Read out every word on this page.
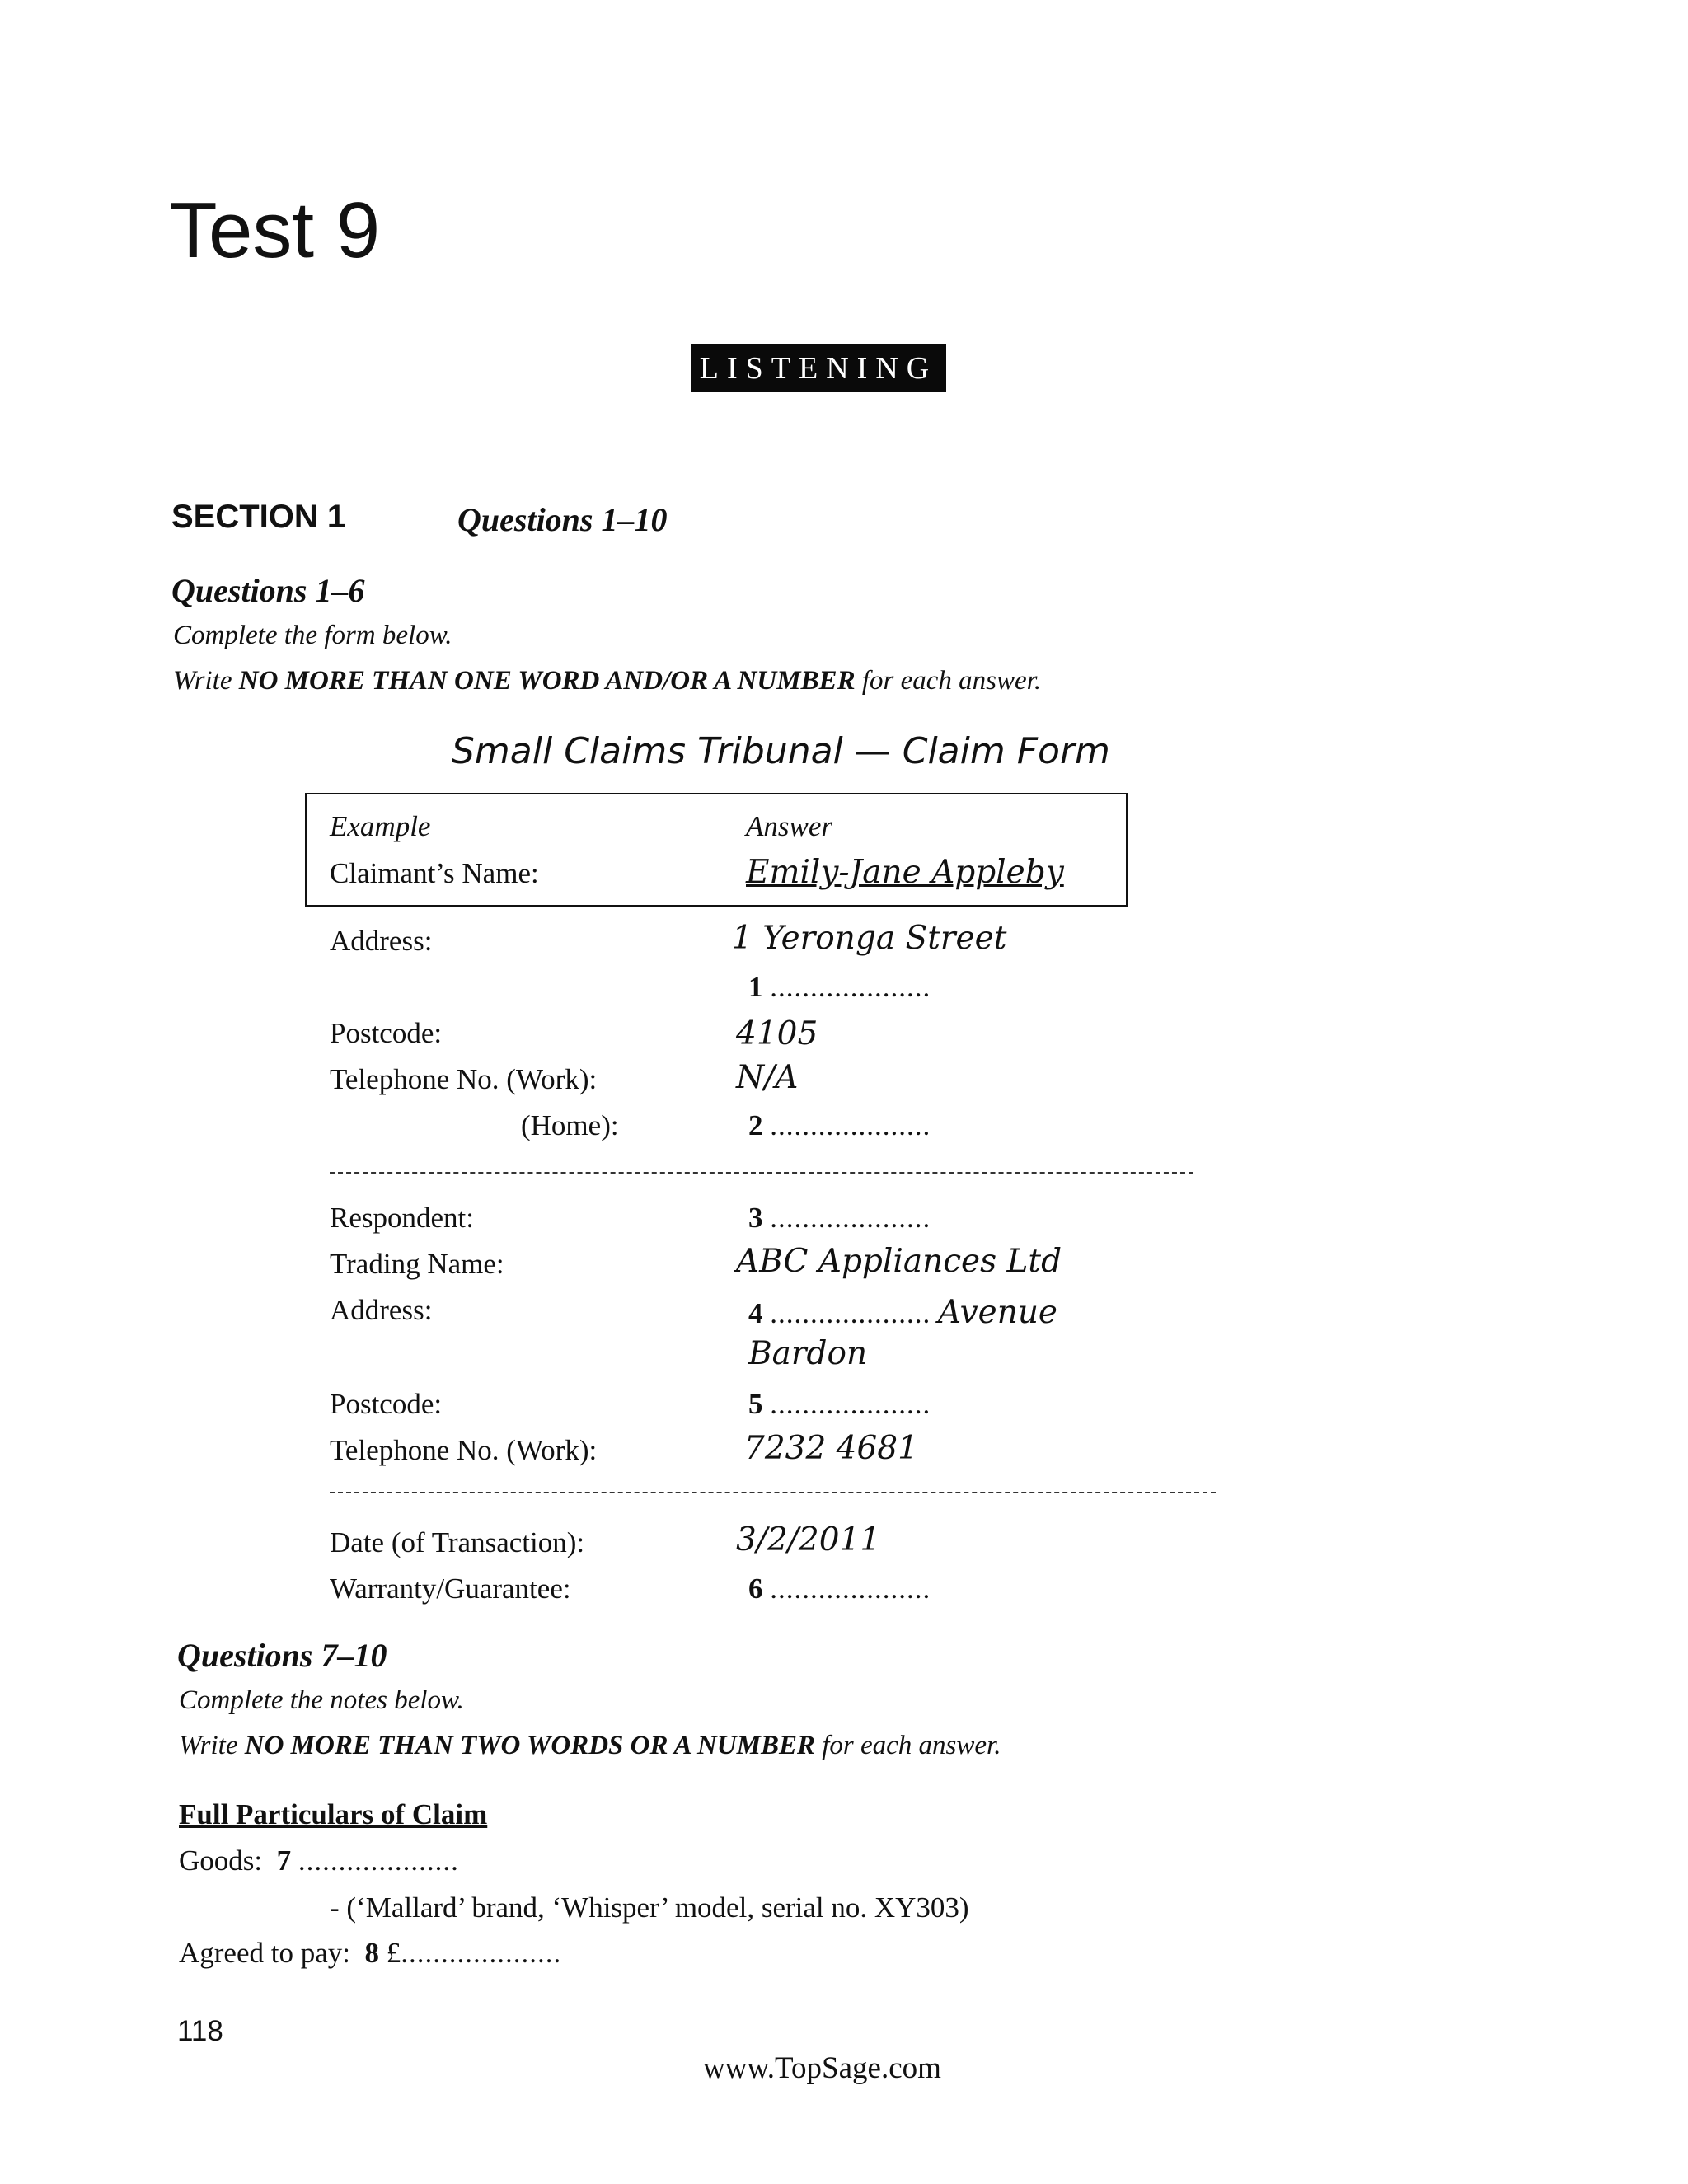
Test 9
LISTENING
SECTION 1	Questions 1–10
Questions 1–6
Complete the form below.
Write NO MORE THAN ONE WORD AND/OR A NUMBER for each answer.
Small Claims Tribunal — Claim Form
Example	Answer
Claimant’s Name:	Emily-Jane Appleby
Address:	1 Yeronga Street
1 ....................
Postcode:	4105
Telephone No. (Work):	N/A
(Home):	2 ....................
Respondent:	3 ....................
Trading Name:	ABC Appliances Ltd
Address:	4 .................... Avenue
Bardon
Postcode:	5 ....................
Telephone No. (Work):	7232 4681
Date (of Transaction):	3/2/2011
Warranty/Guarantee:	6 ....................
Questions 7–10
Complete the notes below.
Write NO MORE THAN TWO WORDS OR A NUMBER for each answer.
Full Particulars of Claim
Goods: 7 ....................
- (‘Mallard’ brand, ‘Whisper’ model, serial no. XY303)
Agreed to pay: 8 £....................
118
www.TopSage.com
